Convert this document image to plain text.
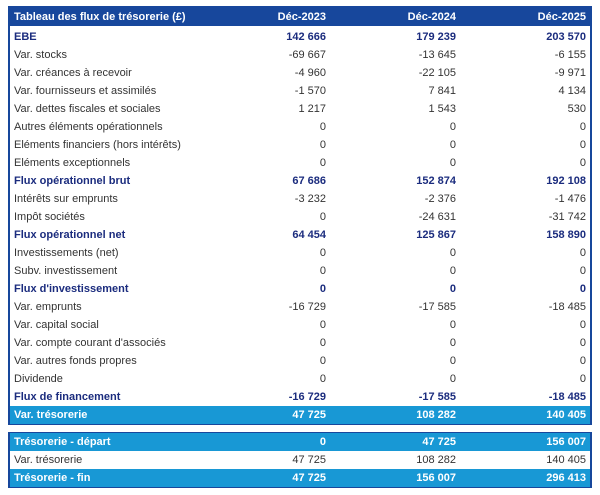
Tableau des flux de trésorerie (£)	Déc-2023	Déc-2024	Déc-2025
EBE	142 666	179 239	203 570
Var. stocks	-69 667	-13 645	-6 155
Var. créances à recevoir	-4 960	-22 105	-9 971
Var. fournisseurs et assimilés	-1 570	7 841	4 134
Var. dettes fiscales et sociales	1 217	1 543	530
Autres éléments opérationnels	0	0	0
Eléments financiers (hors intérêts)	0	0	0
Eléments exceptionnels	0	0	0
Flux opérationnel brut	67 686	152 874	192 108
Intérêts sur emprunts	-3 232	-2 376	-1 476
Impôt sociétés	0	-24 631	-31 742
Flux opérationnel net	64 454	125 867	158 890
Investissements (net)	0	0	0
Subv. investissement	0	0	0
Flux d'investissement	0	0	0
Var. emprunts	-16 729	-17 585	-18 485
Var. capital social	0	0	0
Var. compte courant d'associés	0	0	0
Var. autres fonds propres	0	0	0
Dividende	0	0	0
Flux de financement	-16 729	-17 585	-18 485
Var. trésorerie	47 725	108 282	140 405
Trésorerie - départ	0	47 725	156 007
Var. trésorerie	47 725	108 282	140 405
Trésorerie - fin	47 725	156 007	296 413
